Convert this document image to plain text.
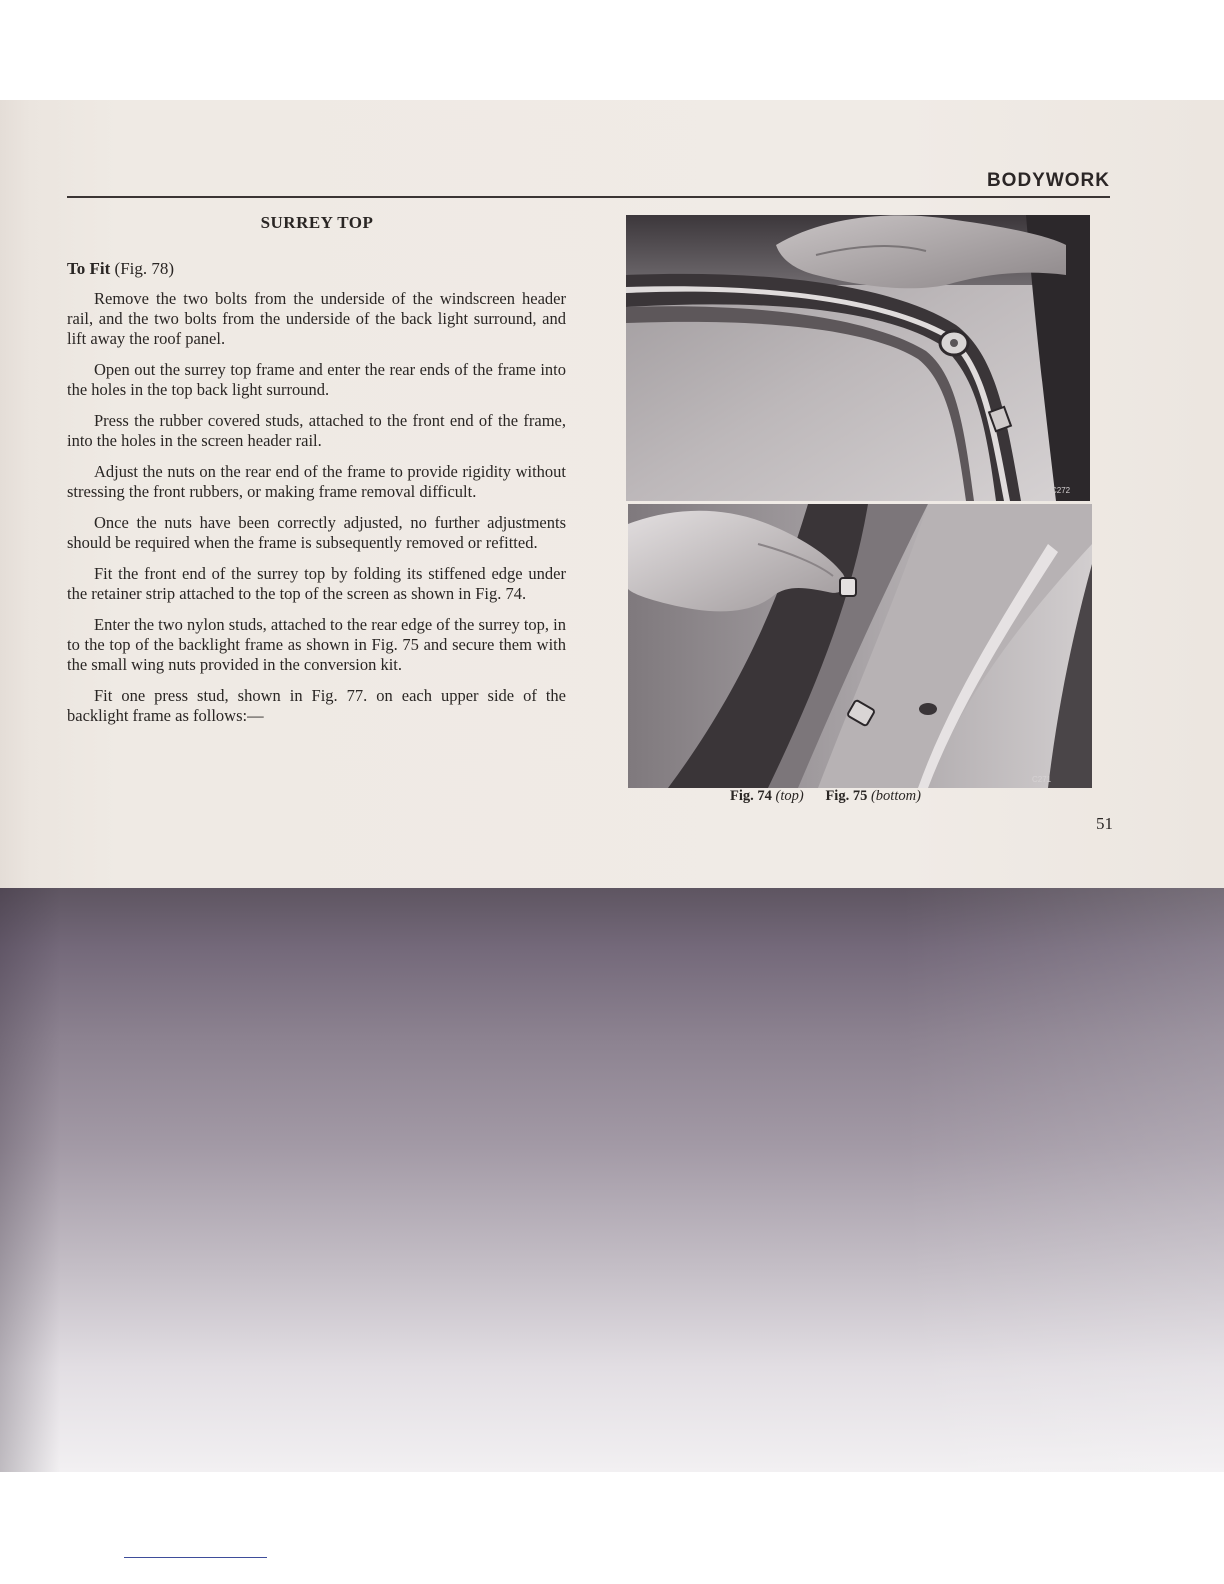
BODYWORK
SURREY TOP
To Fit (Fig. 78)

Remove the two bolts from the underside of the windscreen header rail, and the two bolts from the underside of the back light surround, and lift away the roof panel.

Open out the surrey top frame and enter the rear ends of the frame into the holes in the top back light surround.

Press the rubber covered studs, attached to the front end of the frame, into the holes in the screen header rail.

Adjust the nuts on the rear end of the frame to provide rigidity without stressing the front rubbers, or making frame removal difficult.

Once the nuts have been correctly adjusted, no further adjustments should be required when the frame is subsequently removed or refitted.

Fit the front end of the surrey top by folding its stiffened edge under the retainer strip attached to the top of the screen as shown in Fig. 74.

Enter the two nylon studs, attached to the rear edge of the surrey top, in to the top of the backlight frame as shown in Fig. 75 and secure them with the small wing nuts provided in the conversion kit.

Fit one press stud, shown in Fig. 77. on each upper side of the backlight frame as follows:—

C272
C271
Fig. 74 (top) Fig. 75 (bottom)
51
